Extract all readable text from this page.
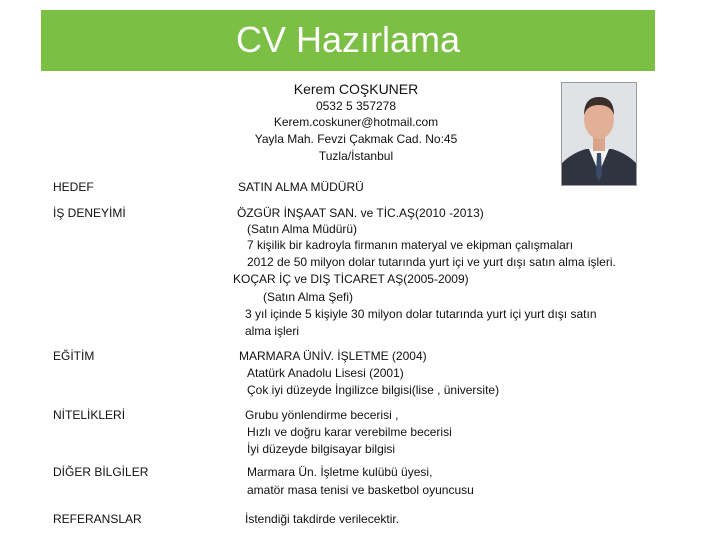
CV Hazırlama
Kerem COŞKUNER
0532 5 357278
Kerem.coskuner@hotmail.com
Yayla Mah. Fevzi Çakmak Cad. No:45
Tuzla/İstanbul
HEDEF	SATIN ALMA MÜDÜRÜ
İŞ DENEYİMİ	ÖZGÜR İNŞAAT SAN. ve TİC.AŞ(2010 -2013)
(Satın Alma Müdürü)
7 kişilik bir kadroyla firmanın materyal ve ekipman çalışmaları
2012 de 50 milyon dolar tutarında yurt içi ve yurt dışı satın alma işleri.
KOÇAR İÇ ve DIŞ TİCARET AŞ(2005-2009)
(Satın Alma Şefi)
3 yıl içinde 5 kişiyle 30 milyon dolar tutarında yurt içi yurt dışı satın
alma işleri
EĞİTİM	MARMARA ÜNİV. İŞLETME (2004)
Atatürk Anadolu Lisesi (2001)
Çok iyi düzeyde İngilizce bilgisi(lise , üniversite)
NİTELİKLERİ	Grubu yönlendirme becerisi ,
Hızlı ve doğru karar verebilme becerisi
İyi düzeyde bilgisayar bilgisi
DİĞER BİLGİLER	Marmara Ün. İşletme kulübü üyesi,
amatör masa tenisi ve basketbol oyuncusu
REFERANSLAR	İstendiği takdirde verilecektir.
